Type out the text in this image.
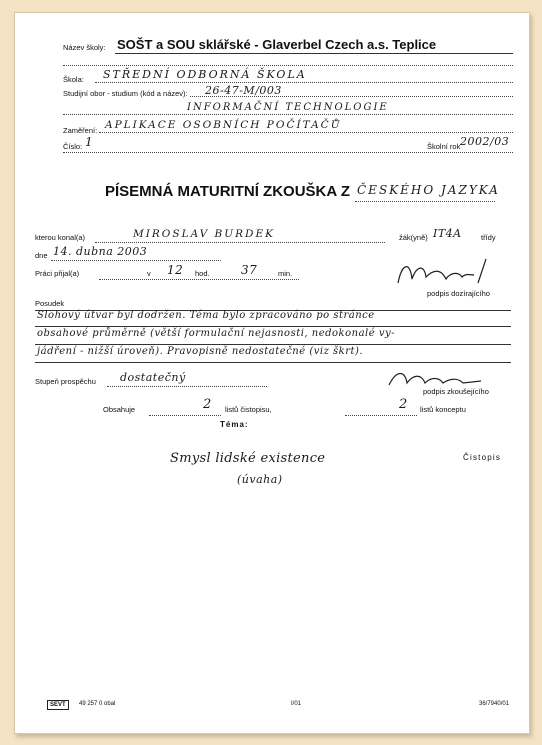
Název školy: SOŠT a SOU sklářské - Glaverbel Czech a.s. Teplice
Škola: STŘEDNÍ ODBORNÁ ŠKOLA
Studijní obor - studium (kód a název): 26-47-M/003
INFORMAČNÍ TECHNOLOGIE
Zaměření: APLIKACE OSOBNÍCH POČÍTAČŮ
Číslo: 1	Školní rok 2002/03
PÍSEMNÁ MATURITNÍ ZKOUŠKA Z ČESKÉHO JAZYKA
kterou konal(a)	MIROSLAV BURDEK	žák(yně) IT4A	třídy
dne 14. dubna 2003
Práci přijal(a)	v 12 hod.	37	min.
podpis dozírajícího
Posudek
Slohový útvar byl dodržen. Téma bylo zpracováno po stránce
obsahové průměrně (větší formulační nejasnosti, nedokonalé vy-
jádření - nižší úroveň). Pravopisně nedostatečné (viz škrt).
Stupeň prospěchu dostatečný
podpis zkoušejícího
Obsahuje	2 listů čistopisu,	2 listů konceptu
Téma:
Smysl lidské existence
(úvaha)
Čistopis
SEVT	49 257 0 obal	I/01	36/7940/01
